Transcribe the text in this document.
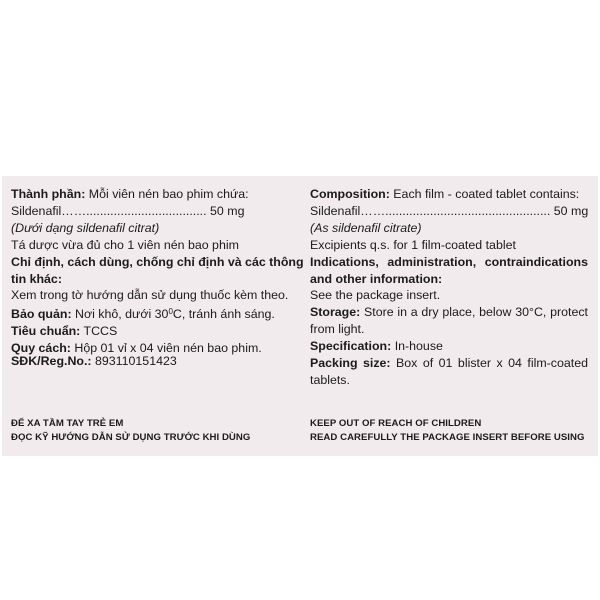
Thành phần: Mỗi viên nén bao phim chứa:
Sildenafil……................................... 50 mg
(Dưới dạng sildenafil citrat)
Tá dược vừa đủ cho 1 viên nén bao phim
Chỉ định, cách dùng, chống chỉ định và các thông
tin khác:
Xem trong tờ hướng dẫn sử dụng thuốc kèm theo.
Bảo quản: Nơi khô, dưới $30^0C$, tránh ánh sáng.
Tiêu chuẩn: TCCS
Quy cách: Hộp 01 vỉ x 04 viên nén bao phim.
Composition: Each film - coated tablet contains:
Sildenafil……................................................ 50 mg
(As sildenafil citrate)
Excipients q.s. for 1 film-coated tablet
Indications, administration, contraindications
and other information:
See the package insert.
Storage: Store in a dry place, below 30°C, protect
from light.
Specification: In-house
Packing size: Box of 01 blister x 04 film-coated
tablets.
SĐK/Reg.No.: 893110151423
ĐỂ XA TẦM TAY TRẺ EM
ĐỌC KỸ HƯỚNG DẪN SỬ DỤNG TRƯỚC KHI DÙNG
KEEP OUT OF REACH OF CHILDREN
READ CAREFULLY THE PACKAGE INSERT BEFORE USING
